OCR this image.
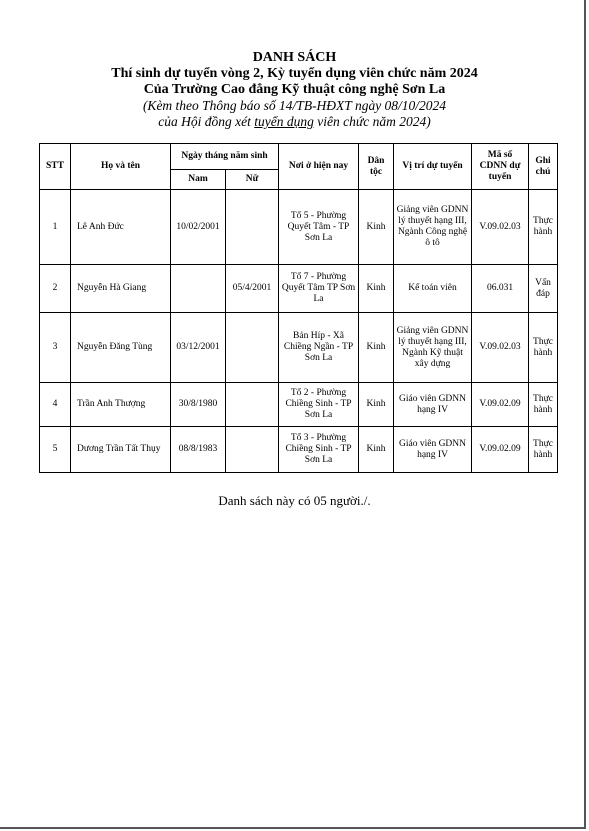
DANH SÁCH
Thí sinh dự tuyển vòng 2, Kỳ tuyển dụng viên chức năm 2024
Của Trường Cao đẳng Kỹ thuật công nghệ Sơn La
(Kèm theo Thông báo số 14/TB-HĐXT ngày 08/10/2024
của Hội đồng xét tuyển dụng viên chức năm 2024)
STT	Họ và tên	Ngày tháng năm sinh		Nơi ở hiện nay	Dân tộc	Vị trí dự tuyển	Mã số CDNN dự tuyển	Ghi chú
		Nam	Nữ					
1	Lê Anh Đức	10/02/2001		Tổ 5 - Phường Quyết Tâm - TP Sơn La	Kinh	Giảng viên GDNN lý thuyết hạng III, Ngành Công nghệ ô tô	V.09.02.03	Thực hành
2	Nguyễn Hà Giang		05/4/2001	Tổ 7 - Phường Quyết Tâm TP Sơn La	Kinh	Kế toán viên	06.031	Vấn đáp
3	Nguyễn Đăng Tùng	03/12/2001		Bản Híp - Xã Chiềng Ngần - TP Sơn La	Kinh	Giảng viên GDNN lý thuyết hạng III, Ngành Kỹ thuật xây dựng	V.09.02.03	Thực hành
4	Trần Anh Thượng	30/8/1980		Tổ 2 - Phường Chiềng Sinh - TP Sơn La	Kinh	Giáo viên GDNN hạng IV	V.09.02.09	Thực hành
5	Dương Trần Tất Thụy	08/8/1983		Tổ 3 - Phường Chiềng Sinh - TP Sơn La	Kinh	Giáo viên GDNN hạng IV	V.09.02.09	Thực hành
Danh sách này có 05 người./.
